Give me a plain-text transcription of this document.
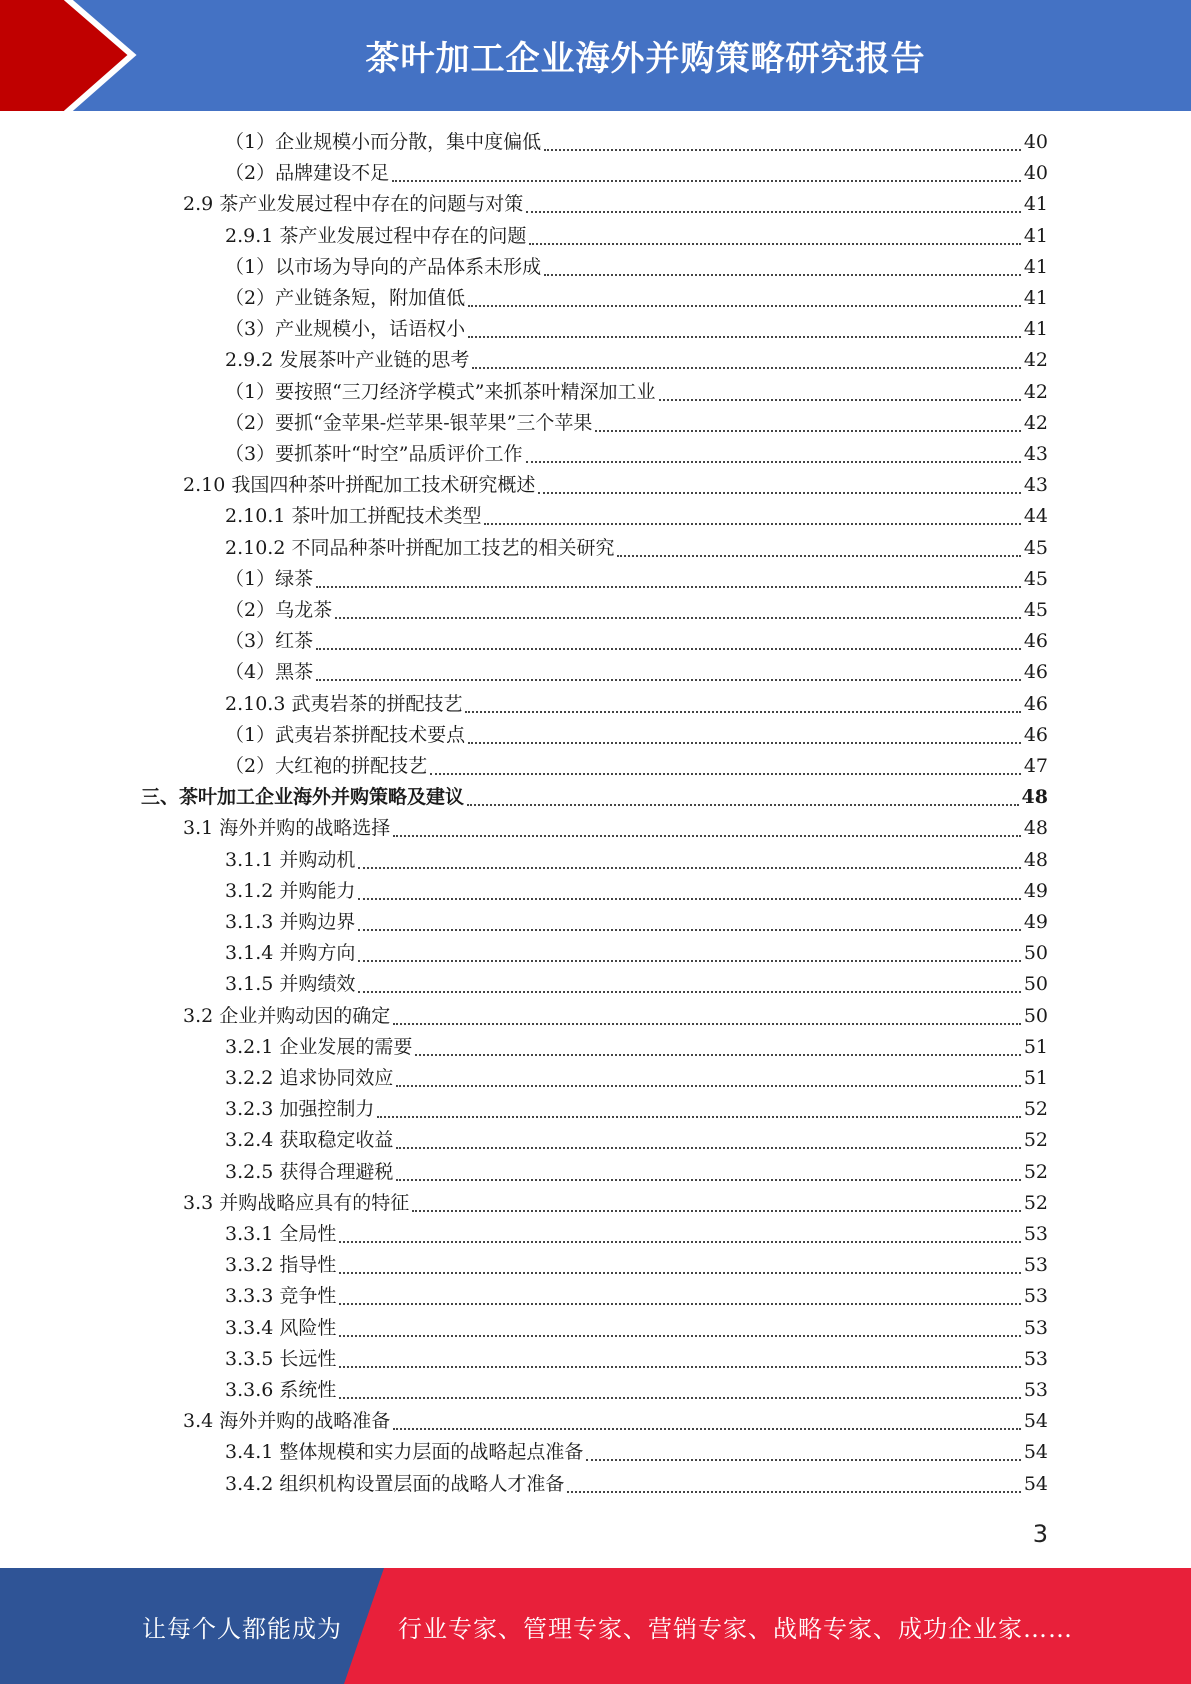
茶叶加工企业海外并购策略研究报告
（1）企业规模小而分散，集中度偏低	40
（2）品牌建设不足	40
2.9 茶产业发展过程中存在的问题与对策	41
2.9.1 茶产业发展过程中存在的问题	41
（1）以市场为导向的产品体系未形成	41
（2）产业链条短，附加值低	41
（3）产业规模小，话语权小	41
2.9.2 发展茶叶产业链的思考	42
（1）要按照“三刀经济学模式”来抓茶叶精深加工业	42
（2）要抓“金苹果-烂苹果-银苹果”三个苹果	42
（3）要抓茶叶“时空”品质评价工作	43
2.10 我国四种茶叶拼配加工技术研究概述	43
2.10.1 茶叶加工拼配技术类型	44
2.10.2 不同品种茶叶拼配加工技艺的相关研究	45
（1）绿茶	45
（2）乌龙茶	45
（3）红茶	46
（4）黑茶	46
2.10.3 武夷岩茶的拼配技艺	46
（1）武夷岩茶拼配技术要点	46
（2）大红袍的拼配技艺	47
三、茶叶加工企业海外并购策略及建议	48
3.1 海外并购的战略选择	48
3.1.1 并购动机	48
3.1.2 并购能力	49
3.1.3 并购边界	49
3.1.4 并购方向	50
3.1.5 并购绩效	50
3.2 企业并购动因的确定	50
3.2.1 企业发展的需要	51
3.2.2 追求协同效应	51
3.2.3 加强控制力	52
3.2.4 获取稳定收益	52
3.2.5 获得合理避税	52
3.3 并购战略应具有的特征	52
3.3.1 全局性	53
3.3.2 指导性	53
3.3.3 竞争性	53
3.3.4 风险性	53
3.3.5 长远性	53
3.3.6 系统性	53
3.4 海外并购的战略准备	54
3.4.1 整体规模和实力层面的战略起点准备	54
3.4.2 组织机构设置层面的战略人才准备	54
3
让每个人都能成为 行业专家、管理专家、营销专家、战略专家、成功企业家……
